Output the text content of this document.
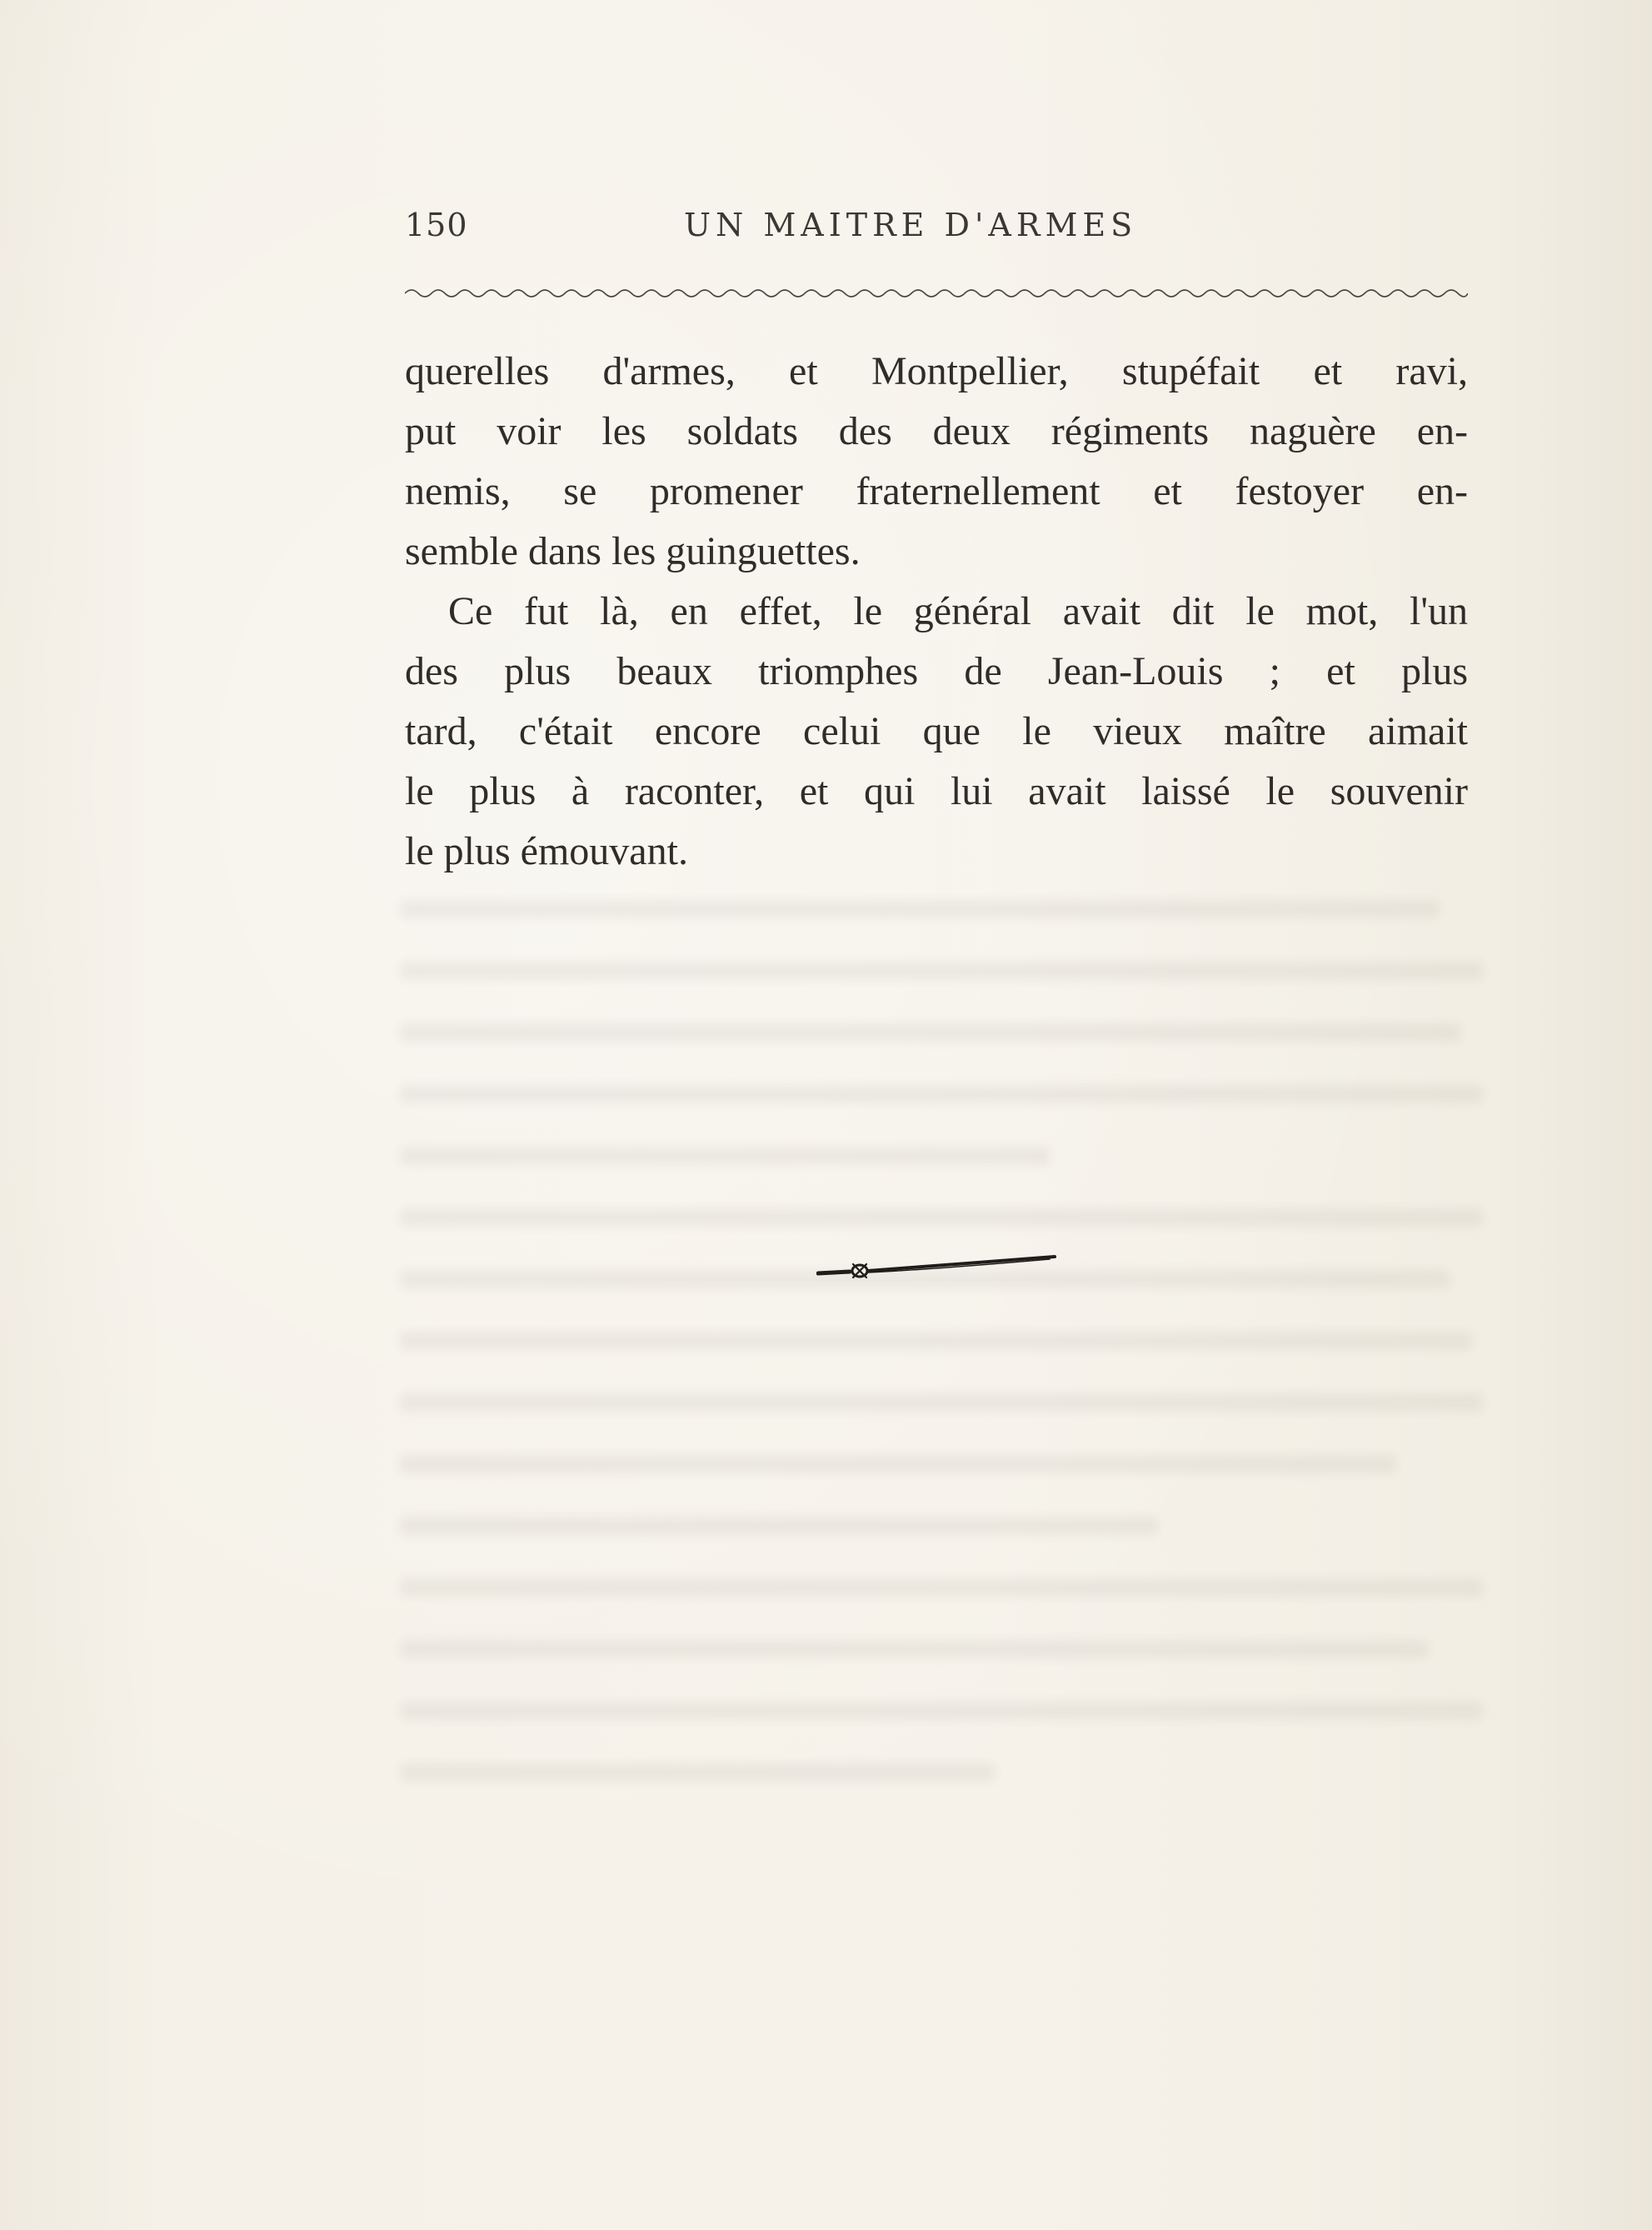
150	UN MAITRE D'ARMES
querelles d'armes, et Montpellier, stupéfait et ravi,
put voir les soldats des deux régiments naguère en-
nemis, se promener fraternellement et festoyer en-
semble dans les guinguettes.
Ce fut là, en effet, le général avait dit le mot, l'un
des plus beaux triomphes de Jean-Louis ; et plus
tard, c'était encore celui que le vieux maître aimait
le plus à raconter, et qui lui avait laissé le souvenir
le plus émouvant.
